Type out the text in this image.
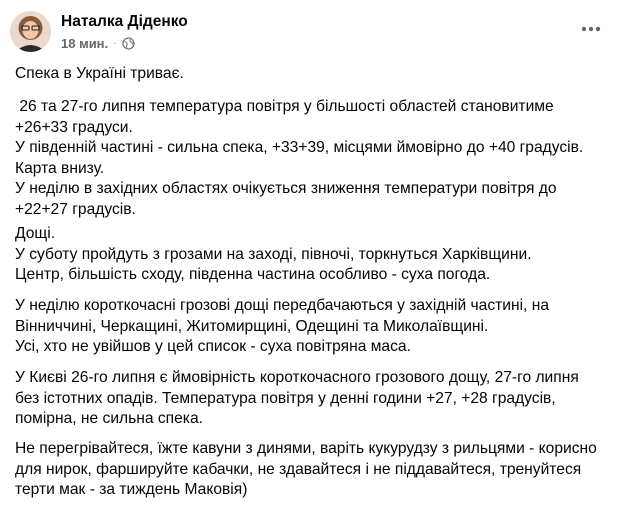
Наталка Діденко
18 мин. ·
Спека в Україні триває.
26 та 27-го липня температура повітря у більшості областей становитиме
+26+33 градуси.
У південній частині - сильна спека, +33+39, місцями ймовірно до +40 градусів.
Карта внизу.
У неділю в західних областях очікується зниження температури повітря до
+22+27 градусів.
Дощі.
У суботу пройдуть з грозами на заході, півночі, торкнуться Харківщини.
Центр, більшість сходу, південна частина особливо - суха погода.
У неділю короткочасні грозові дощі передбачаються у західній частині, на
Вінниччині, Черкащині, Житомирщині, Одещині та Миколаївщині.
Усі, хто не увійшов у цей список - суха повітряна маса.
У Києві 26-го липня є ймовірність короткочасного грозового дощу, 27-го липня
без істотних опадів. Температура повітря у денні години +27, +28 градусів,
помірна, не сильна спека.
Не перегрівайтеся, їжте кавуни з динями, варіть кукурудзу з рильцями - корисно
для нирок, фаршируйте кабачки, не здавайтеся і не піддавайтеся, тренуйтеся
терти мак - за тиждень Маковія)
